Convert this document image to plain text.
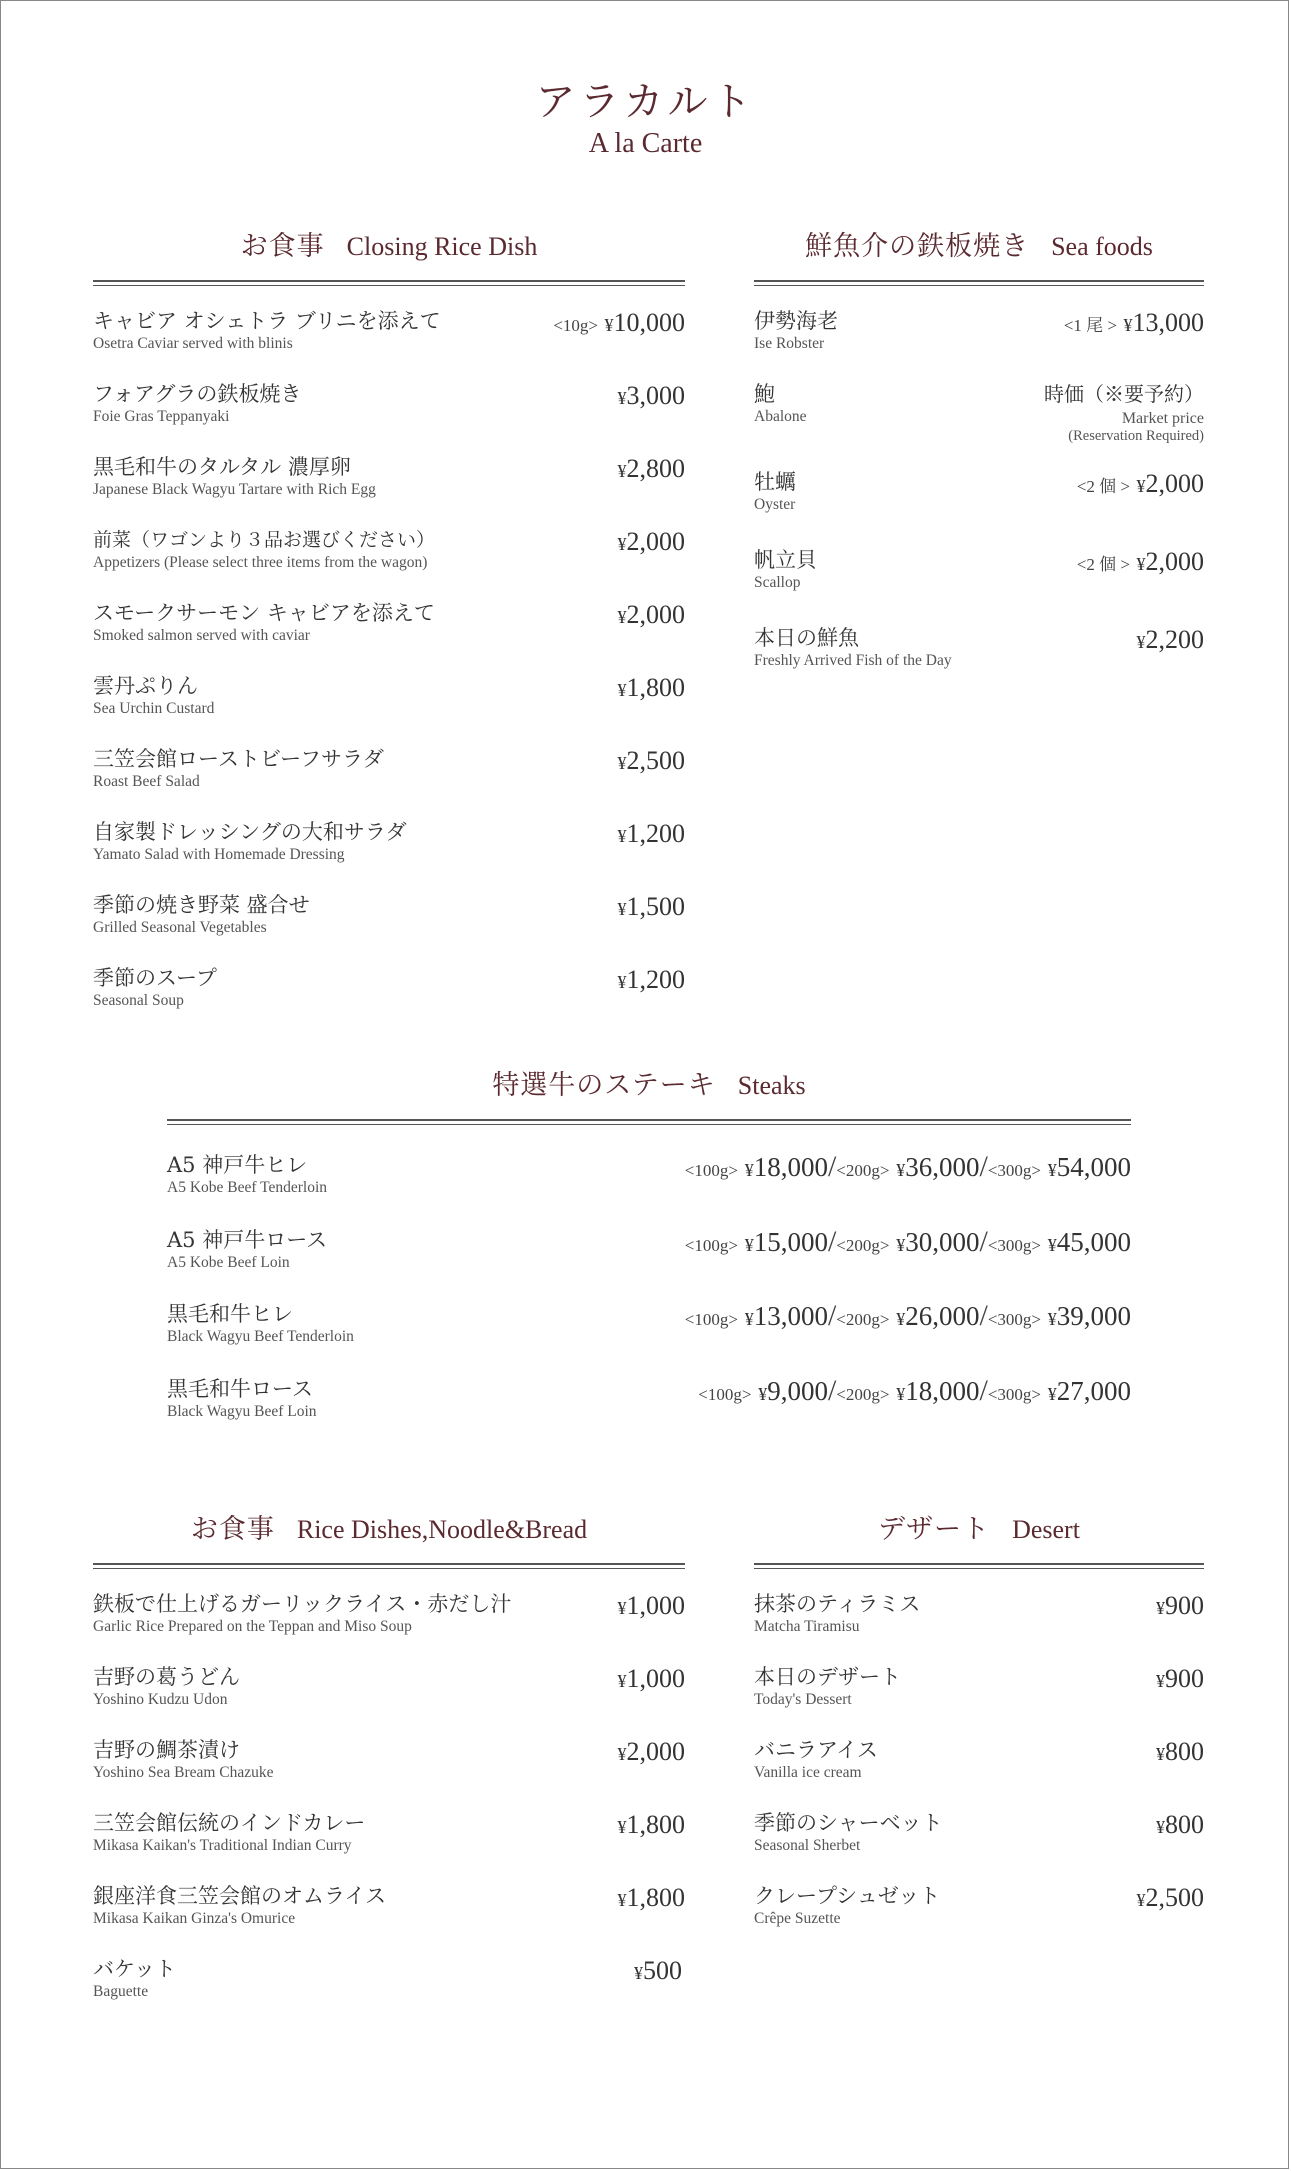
アラカルト
A la Carte
お食事 Closing Rice Dish
キャビア オシェトラ ブリニを添えて
Osetra Caviar served with blinis
<10g> ¥10,000
フォアグラの鉄板焼き
Foie Gras Teppanyaki
¥3,000
黒毛和牛のタルタル 濃厚卵
Japanese Black Wagyu Tartare with Rich Egg
¥2,800
前菜（ワゴンより３品お選びください）
Appetizers (Please select three items from the wagon)
¥2,000
スモークサーモン キャビアを添えて
Smoked salmon served with caviar
¥2,000
雲丹ぷりん
Sea Urchin Custard
¥1,800
三笠会館ローストビーフサラダ
Roast Beef Salad
¥2,500
自家製ドレッシングの大和サラダ
Yamato Salad with Homemade Dressing
¥1,200
季節の焼き野菜 盛合せ
Grilled Seasonal Vegetables
¥1,500
季節のスープ
Seasonal Soup
¥1,200
鮮魚介の鉄板焼き Sea foods
伊勢海老
Ise Robster
<1 尾 > ¥13,000
鮑
Abalone
時価（※要予約）
Market price
(Reservation Required)
牡蠣
Oyster
<2 個 > ¥2,000
帆立貝
Scallop
<2 個 > ¥2,000
本日の鮮魚
Freshly Arrived Fish of the Day
¥2,200
特選牛のステーキ Steaks
A5 神戸牛ヒレ
A5 Kobe Beef Tenderloin
<100g> ¥18,000/<200g> ¥36,000/<300g> ¥54,000
A5 神戸牛ロース
A5 Kobe Beef Loin
<100g> ¥15,000/<200g> ¥30,000/<300g> ¥45,000
黒毛和牛ヒレ
Black Wagyu Beef Tenderloin
<100g> ¥13,000/<200g> ¥26,000/<300g> ¥39,000
黒毛和牛ロース
Black Wagyu Beef Loin
<100g> ¥9,000/<200g> ¥18,000/<300g> ¥27,000
お食事 Rice Dishes,Noodle&Bread
鉄板で仕上げるガーリックライス・赤だし汁
Garlic Rice Prepared on the Teppan and Miso Soup
¥1,000
吉野の葛うどん
Yoshino Kudzu Udon
¥1,000
吉野の鯛茶漬け
Yoshino Sea Bream Chazuke
¥2,000
三笠会館伝統のインドカレー
Mikasa Kaikan's Traditional Indian Curry
¥1,800
銀座洋食三笠会館のオムライス
Mikasa Kaikan Ginza's Omurice
¥1,800
バケット
Baguette
¥500
デザート Desert
抹茶のティラミス
Matcha Tiramisu
¥900
本日のデザート
Today's Dessert
¥900
バニラアイス
Vanilla ice cream
¥800
季節のシャーベット
Seasonal Sherbet
¥800
クレープシュゼット
Crêpe Suzette
¥2,500
